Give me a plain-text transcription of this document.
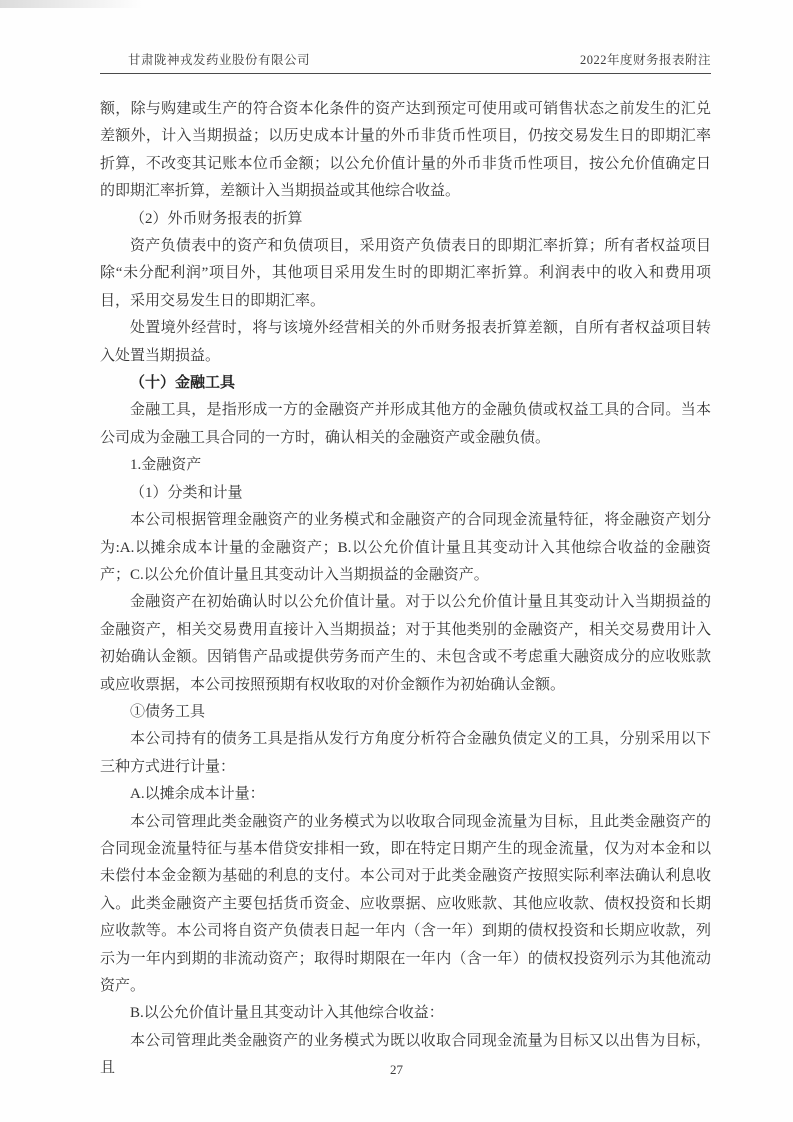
甘肃陇神戎发药业股份有限公司	2022年度财务报表附注

额，除与购建或生产的符合资本化条件的资产达到预定可使用或可销售状态之前发生的汇兑差额外，计入当期损益；以历史成本计量的外币非货币性项目，仍按交易发生日的即期汇率折算，不改变其记账本位币金额；以公允价值计量的外币非货币性项目，按公允价值确定日的即期汇率折算，差额计入当期损益或其他综合收益。

（2）外币财务报表的折算

资产负债表中的资产和负债项目，采用资产负债表日的即期汇率折算；所有者权益项目除“未分配利润”项目外，其他项目采用发生时的即期汇率折算。利润表中的收入和费用项目，采用交易发生日的即期汇率。

处置境外经营时，将与该境外经营相关的外币财务报表折算差额，自所有者权益项目转入处置当期损益。

（十）金融工具

金融工具，是指形成一方的金融资产并形成其他方的金融负债或权益工具的合同。当本公司成为金融工具合同的一方时，确认相关的金融资产或金融负债。

1.金融资产

（1）分类和计量

本公司根据管理金融资产的业务模式和金融资产的合同现金流量特征，将金融资产划分为:A.以摊余成本计量的金融资产；B.以公允价值计量且其变动计入其他综合收益的金融资产；C.以公允价值计量且其变动计入当期损益的金融资产。

金融资产在初始确认时以公允价值计量。对于以公允价值计量且其变动计入当期损益的金融资产，相关交易费用直接计入当期损益；对于其他类别的金融资产，相关交易费用计入初始确认金额。因销售产品或提供劳务而产生的、未包含或不考虑重大融资成分的应收账款或应收票据，本公司按照预期有权收取的对价金额作为初始确认金额。

①债务工具

本公司持有的债务工具是指从发行方角度分析符合金融负债定义的工具，分别采用以下三种方式进行计量：

A.以摊余成本计量：

本公司管理此类金融资产的业务模式为以收取合同现金流量为目标，且此类金融资产的合同现金流量特征与基本借贷安排相一致，即在特定日期产生的现金流量，仅为对本金和以未偿付本金金额为基础的利息的支付。本公司对于此类金融资产按照实际利率法确认利息收入。此类金融资产主要包括货币资金、应收票据、应收账款、其他应收款、债权投资和长期应收款等。本公司将自资产负债表日起一年内（含一年）到期的债权投资和长期应收款，列示为一年内到期的非流动资产；取得时期限在一年内（含一年）的债权投资列示为其他流动资产。

B.以公允价值计量且其变动计入其他综合收益：

本公司管理此类金融资产的业务模式为既以收取合同现金流量为目标又以出售为目标，且	27
